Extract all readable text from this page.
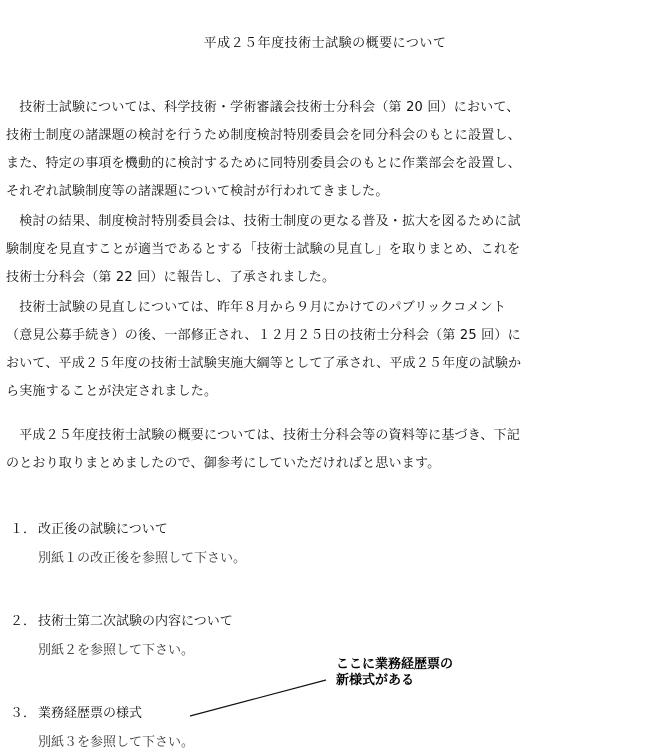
平成２５年度技術士試験の概要について
　技術士試験については、科学技術・学術審議会技術士分科会（第 20 回）において、
技術士制度の諸課題の検討を行うため制度検討特別委員会を同分科会のもとに設置し、
また、特定の事項を機動的に検討するために同特別委員会のもとに作業部会を設置し、
それぞれ試験制度等の諸課題について検討が行われてきました。
　検討の結果、制度検討特別委員会は、技術士制度の更なる普及・拡大を図るために試
験制度を見直すことが適当であるとする「技術士試験の見直し」を取りまとめ、これを
技術士分科会（第 22 回）に報告し、了承されました。
　技術士試験の見直しについては、昨年８月から９月にかけてのパブリックコメント
（意見公募手続き）の後、一部修正され、１２月２５日の技術士分科会（第 25 回）に
おいて、平成２５年度の技術士試験実施大綱等として了承され、平成２５年度の試験か
ら実施することが決定されました。
　平成２５年度技術士試験の概要については、技術士分科会等の資料等に基づき、下記
のとおり取りまとめましたので、御参考にしていただければと思います。
１． 改正後の試験について
別紙１の改正後を参照して下さい。
２． 技術士第二次試験の内容について
別紙２を参照して下さい。
３． 業務経歴票の様式
別紙３を参照して下さい。
ここに業務経歴票の
新様式がある
